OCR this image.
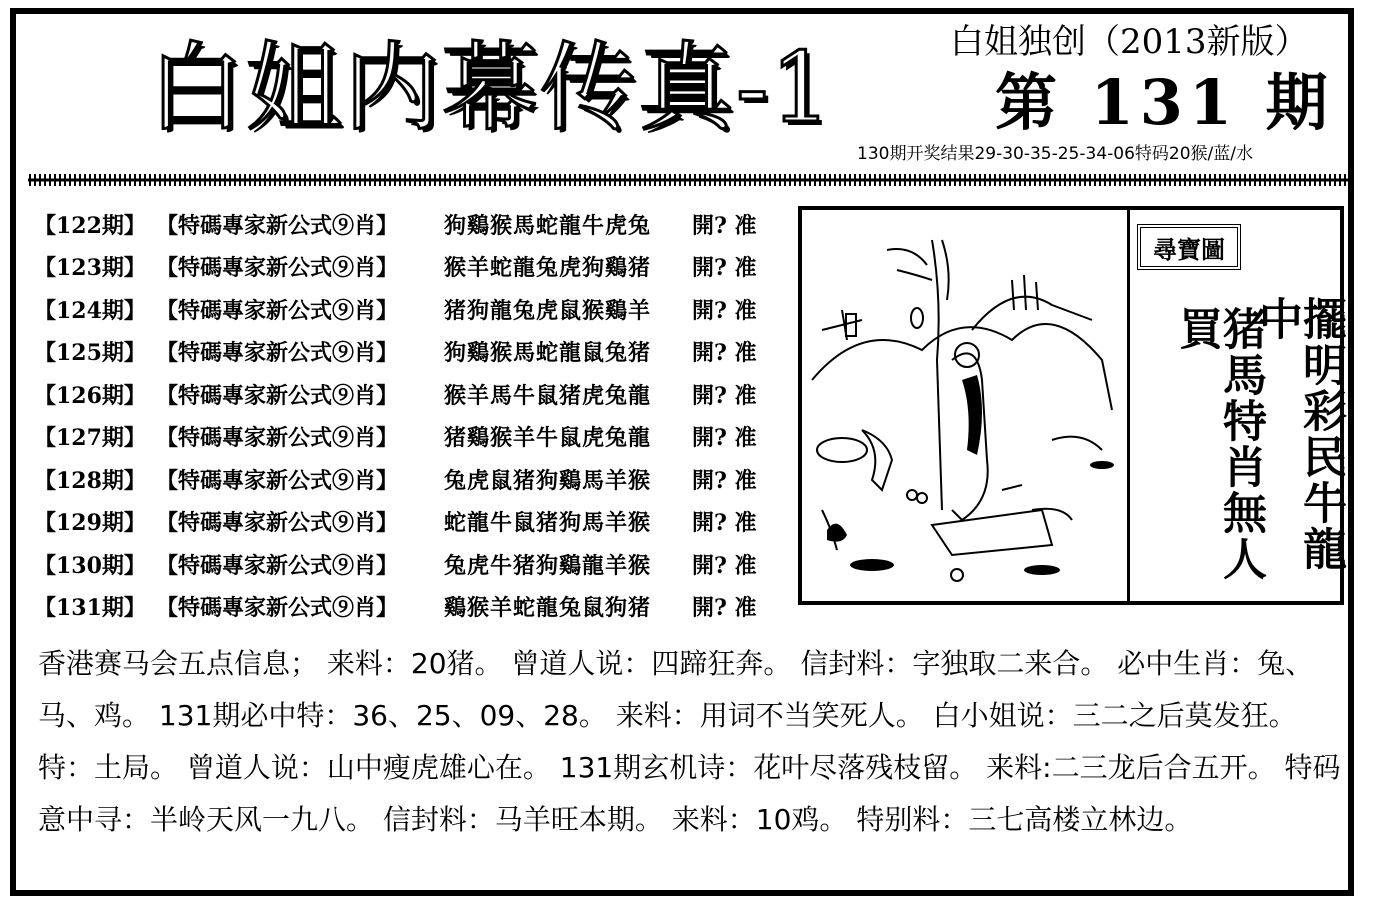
白姐内幕传真-1	白姐独创（2013新版）
第 131 期
130期开奖结果29-30-35-25-34-06特码20猴/蓝/水
【122期】 【特碼專家新公式⑨肖】	狗鷄猴馬蛇龍牛虎兔	開? 准
【123期】 【特碼專家新公式⑨肖】	猴羊蛇龍兔虎狗鷄猪	開? 准
【124期】 【特碼專家新公式⑨肖】	猪狗龍兔虎鼠猴鷄羊	開? 准
【125期】 【特碼專家新公式⑨肖】	狗鷄猴馬蛇龍鼠兔猪	開? 准
【126期】 【特碼專家新公式⑨肖】	猴羊馬牛鼠猪虎兔龍	開? 准
【127期】 【特碼專家新公式⑨肖】	猪鷄猴羊牛鼠虎兔龍	開? 准
【128期】 【特碼專家新公式⑨肖】	兔虎鼠猪狗鷄馬羊猴	開? 准
【129期】 【特碼專家新公式⑨肖】	蛇龍牛鼠猪狗馬羊猴	開? 准
【130期】 【特碼專家新公式⑨肖】	兔虎牛猪狗鷄龍羊猴	開? 准
【131期】 【特碼專家新公式⑨肖】	鷄猴羊蛇龍兔鼠狗猪	開? 准
尋寶圖
擺明彩民牛龍中
猪馬特肖無人買
香港赛马会五点信息； 来料：20猪。 曾道人说：四蹄狂奔。 信封料：字独取二来合。 必中生肖：兔、马、鸡。 131期必中特：36、25、09、28。 来料：用词不当笑死人。 白小姐说：三二之后莫发狂。 特：土局。 曾道人说：山中瘦虎雄心在。 131期玄机诗：花叶尽落残枝留。 来料:二三龙后合五开。 特码意中寻：半岭天风一九八。 信封料：马羊旺本期。 来料：10鸡。 特别料：三七高楼立林边。
